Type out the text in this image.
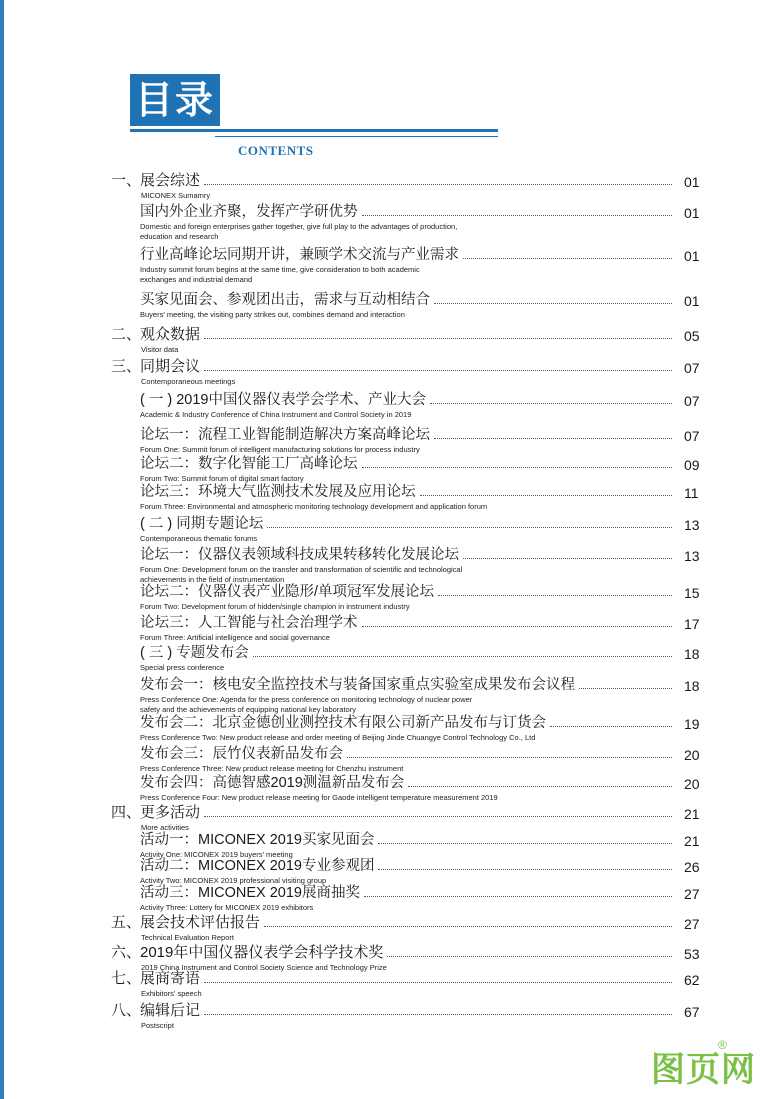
目录
CONTENTS
一、
展会综述	01
MICONEX Sumamry
国内外企业齐聚，发挥产学研优势	01
Domestic and foreign enterprises gather together, give full play to the advantages of production,
education and research
行业高峰论坛同期开讲，兼顾学术交流与产业需求	01
Industry summit forum begins at the same time, give consideration to both academic
exchanges and industrial demand
买家见面会、参观团出击，需求与互动相结合	01
Buyers' meeting, the visiting party strikes out, combines demand and interaction
二、
观众数据	05
Visitor data
三、
同期会议	07
Contemporaneous meetings
( 一 ) 2019中国仪器仪表学会学术、产业大会	07
Academic & Industry Conference of China Instrument and Control Society in 2019
论坛一：流程工业智能制造解决方案高峰论坛	07
Forum One: Summit forum of intelligent manufacturing solutions for process industry
论坛二：数字化智能工厂高峰论坛	09
Forum Two: Summit forum of digital smart factory
论坛三：环境大气监测技术发展及应用论坛	11
Forum Three: Environmental and atmospheric monitoring technology development and application forum
( 二 ) 同期专题论坛	13
Contemporaneous thematic forums
论坛一：仪器仪表领域科技成果转移转化发展论坛	13
Forum One: Development forum on the transfer and transformation of scientific and technological
achievements in the field of instrumentation
论坛二：仪器仪表产业隐形/单项冠军发展论坛	15
Forum Two: Development forum of hidden/single champion in instrument industry
论坛三：人工智能与社会治理学术	17
Forum Three: Artificial intelligence and social governance
( 三 ) 专题发布会	18
Special press conference
发布会一：核电安全监控技术与装备国家重点实验室成果发布会议程	18
Press Conference One: Agenda for the press conference on monitoring technology of nuclear power
safety and the achievements of equipping national key laboratory
发布会二：北京金德创业测控技术有限公司新产品发布与订货会	19
Press Conference Two: New product release and order meeting of Beijing Jinde Chuangye Control Technology Co., Ltd
发布会三：辰竹仪表新品发布会	20
Press Conference Three: New product release meeting for Chenzhu instrument
发布会四：高德智感2019测温新品发布会	20
Press Conference Four: New product release meeting for Gaode intelligent temperature measurement 2019
四、
更多活动	21
More activities
活动一：MICONEX 2019买家见面会	21
Activity One: MICONEX 2019 buyers' meeting
活动二：MICONEX 2019专业参观团	26
Activity Two: MICONEX 2019 professional visiting group
活动三：MICONEX 2019展商抽奖	27
Activity Three: Lottery for MICONEX 2019 exhibitors
五、
展会技术评估报告	27
Technical Evaluation Report
六、
2019年中国仪器仪表学会科学技术奖	53
2019 China Instrument and Control Society Science and Technology Prize
七、
展商寄语	62
Exhibitors' speech
八、
编辑后记	67
Postscript
图页网
®
